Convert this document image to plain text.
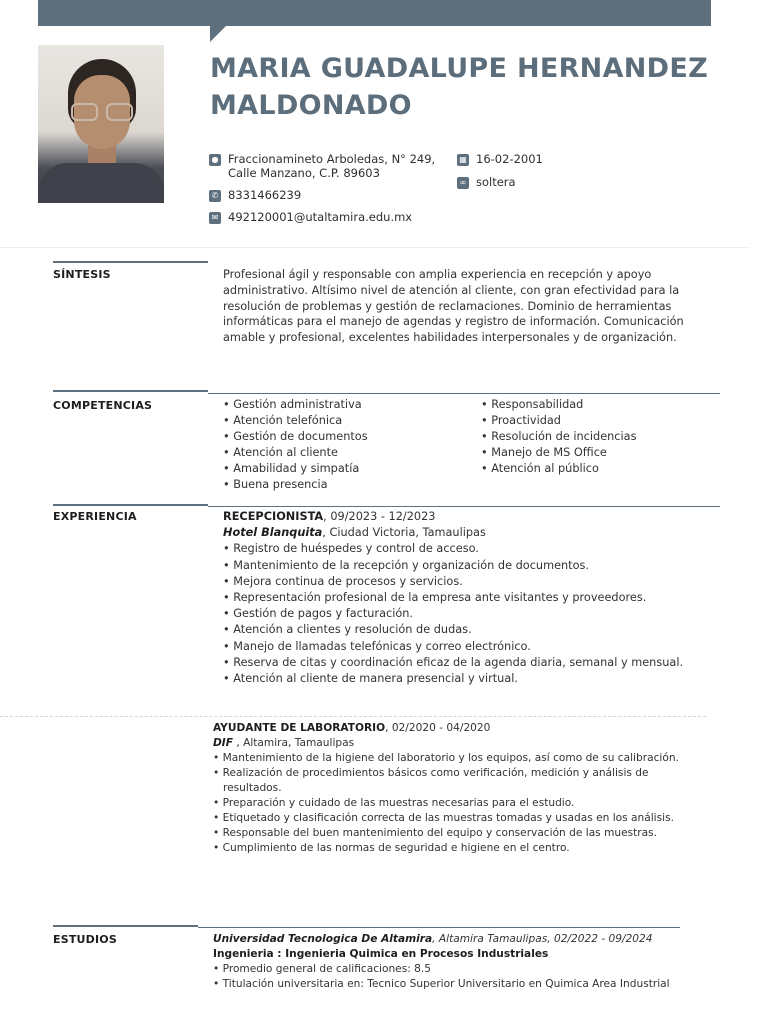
MARIA GUADALUPE HERNANDEZ MALDONADO
● Fraccionamineto Arboledas, N° 249, Calle Manzano, C.P. 89603
✆ 8331466239
✉ 492120001@utaltamira.edu.mx
▦ 16-02-2001
∞ soltera
SÍNTESIS	Profesional ágil y responsable con amplia experiencia en recepción y apoyo administrativo. Altísimo nivel de atención al cliente, con gran efectividad para la resolución de problemas y gestión de reclamaciones. Dominio de herramientas informáticas para el manejo de agendas y registro de información. Comunicación amable y profesional, excelentes habilidades interpersonales y de organización.

COMPETENCIAS
•	Gestión administrativa
• Atención telefónica
• Gestión de documentos
• Atención al cliente
• Amabilidad y simpatía
• Buena presencia
• Responsabilidad
• Proactividad
• Resolución de incidencias
• Manejo de MS Office
• Atención al público
EXPERIENCIA	RECEPCIONISTA, 09/2023 - 12/2023
Hotel Blanquita, Ciudad Victoria, Tamaulipas
• Registro de huéspedes y control de acceso.
• Mantenimiento de la recepción y organización de documentos.
• Mejora continua de procesos y servicios.
• Representación profesional de la empresa ante visitantes y proveedores.
• Gestión de pagos y facturación.
• Atención a clientes y resolución de dudas.
• Manejo de llamadas telefónicas y correo electrónico.
• Reserva de citas y coordinación eficaz de la agenda diaria, semanal y mensual.
• Atención al cliente de manera presencial y virtual.
AYUDANTE DE LABORATORIO, 02/2020 - 04/2020
DIF , Altamira, Tamaulipas
• Mantenimiento de la higiene del laboratorio y los equipos, así como de su calibración.
• Realización de procedimientos básicos como verificación, medición y análisis de resultados.
• Preparación y cuidado de las muestras necesarias para el estudio.
• Etiquetado y clasificación correcta de las muestras tomadas y usadas en los análisis.
• Responsable del buen mantenimiento del equipo y conservación de las muestras.
• Cumplimiento de las normas de seguridad e higiene en el centro.
ESTUDIOS	Universidad Tecnologica De Altamira, Altamira Tamaulipas, 02/2022 - 09/2024
Ingenieria : Ingenieria Quimica en Procesos Industriales
• Promedio general de calificaciones: 8.5
• Titulación universitaria en: Tecnico Superior Universitario en Quimica Area Industrial
